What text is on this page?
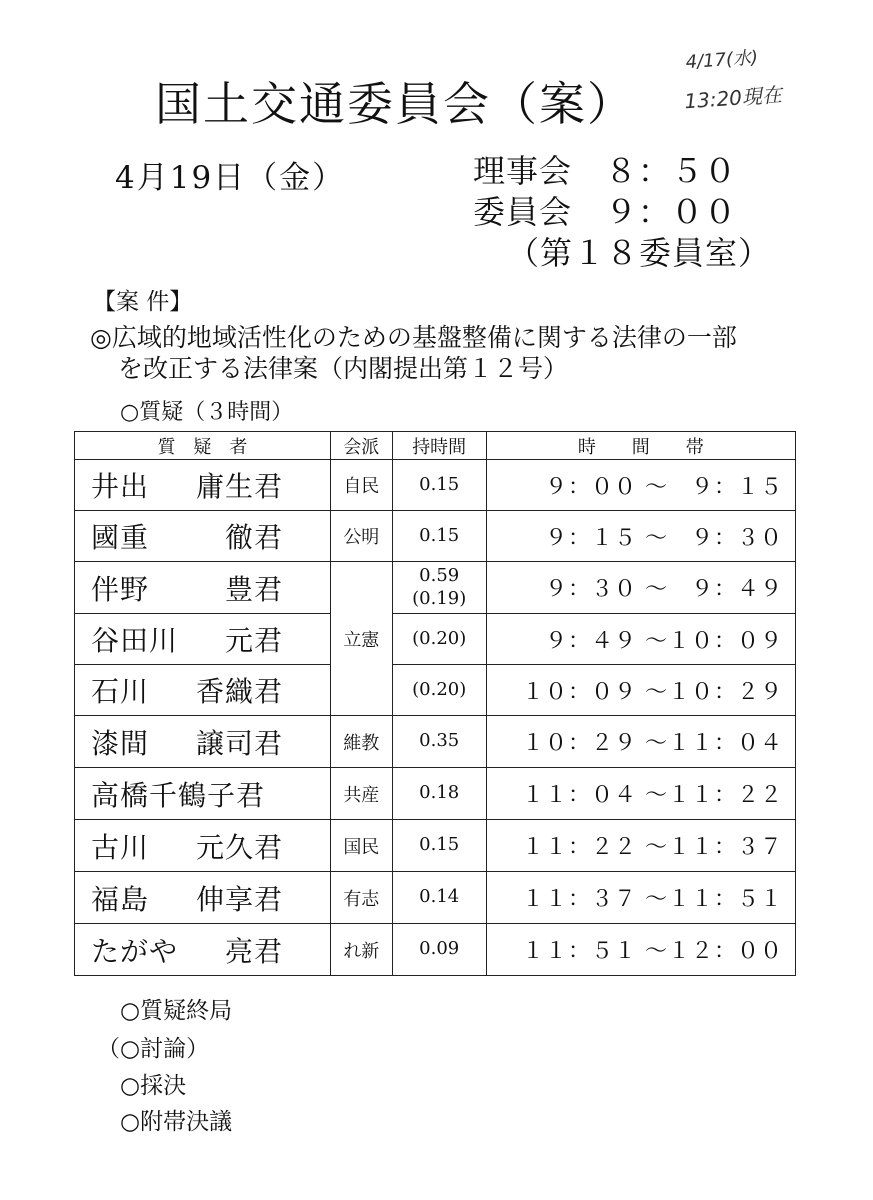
国土交通委員会（案）
4/17(水)
13:20現在
4月19日（金）	理事会　８：５０
委員会　９：００
（第１８委員室）
【案 件】
◎広域的地域活性化のための基盤整備に関する法律の一部
を改正する法律案（内閣提出第１２号）
○質疑（３時間）
質　疑　者	会派	持時間	時　　間　　帯

井出 庸生君	自民	0.15	９：００ 〜　９：１５

國重 徹君	公明	0.15	９：１５ 〜　９：３０

伴野 豊君	立憲	0.59
(0.19)	９：３０ 〜　９：４９

谷田川 元君		(0.20)	９：４９ 〜１０：０９

石川 香織君		(0.20)	１０：０９ 〜１０：２９

漆間 譲司君	維教	0.35	１０：２９ 〜１１：０４

高橋千鶴子君	共産	0.18	１１：０４ 〜１１：２２

古川 元久君	国民	0.15	１１：２２ 〜１１：３７

福島 伸享君	有志	0.14	１１：３７ 〜１１：５１

たがや 亮君	れ新	0.09	１１：５１ 〜１２：００
○質疑終局
（○討論）
○採決
○附帯決議
